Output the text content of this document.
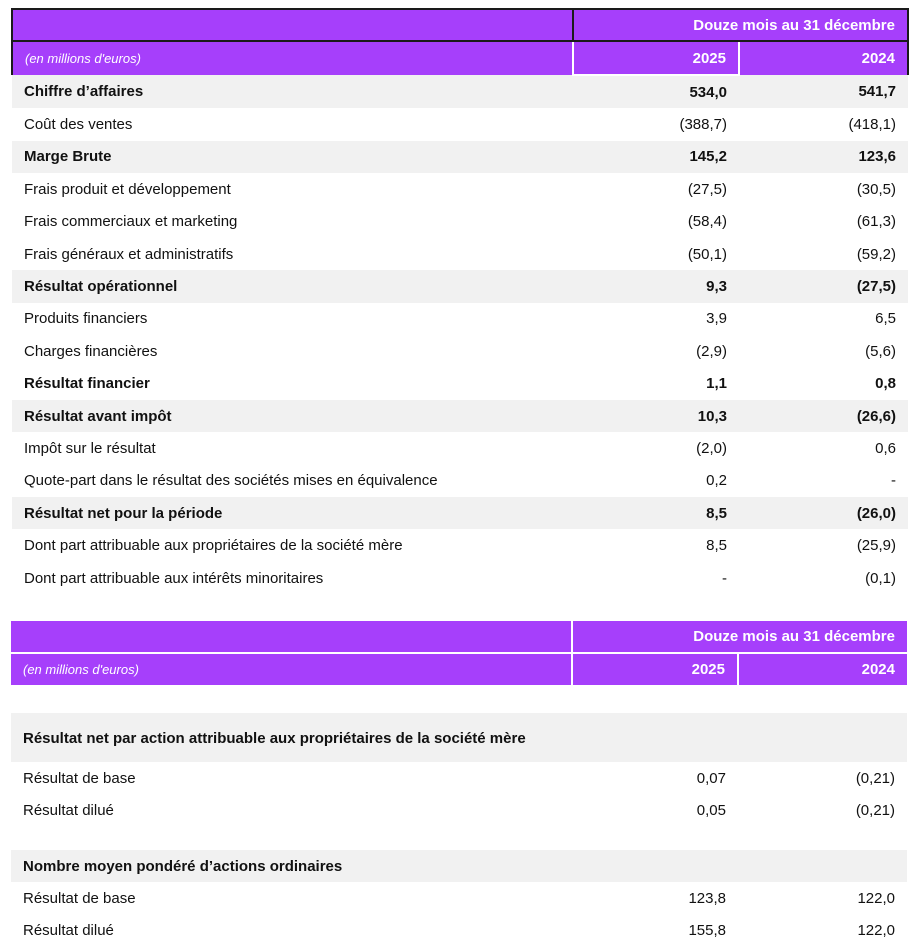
	Douze mois au 31 décembre	
(en millions d'euros)	2025	2024
Chiffre d’affaires	534,0	541,7
Coût des ventes	(388,7)	(418,1)
Marge Brute	145,2	123,6
Frais produit et développement	(27,5)	(30,5)
Frais commerciaux et marketing	(58,4)	(61,3)
Frais généraux et administratifs	(50,1)	(59,2)
Résultat opérationnel	9,3	(27,5)
Produits financiers	3,9	6,5
Charges financières	(2,9)	(5,6)
Résultat financier	1,1	0,8
Résultat avant impôt	10,3	(26,6)
Impôt sur le résultat	(2,0)	0,6
Quote-part dans le résultat des sociétés mises en équivalence	0,2	-
Résultat net pour la période	8,5	(26,0)
Dont part attribuable aux propriétaires de la société mère	8,5	(25,9)
Dont part attribuable aux intérêts minoritaires	-	(0,1)
	Douze mois au 31 décembre	
(en millions d'euros)	2025	2024

Résultat net par action attribuable aux propriétaires de la société mère		
Résultat de base	0,07	(0,21)
Résultat dilué	0,05	(0,21)

Nombre moyen pondéré d’actions ordinaires		
Résultat de base	123,8	122,0
Résultat dilué	155,8	122,0
